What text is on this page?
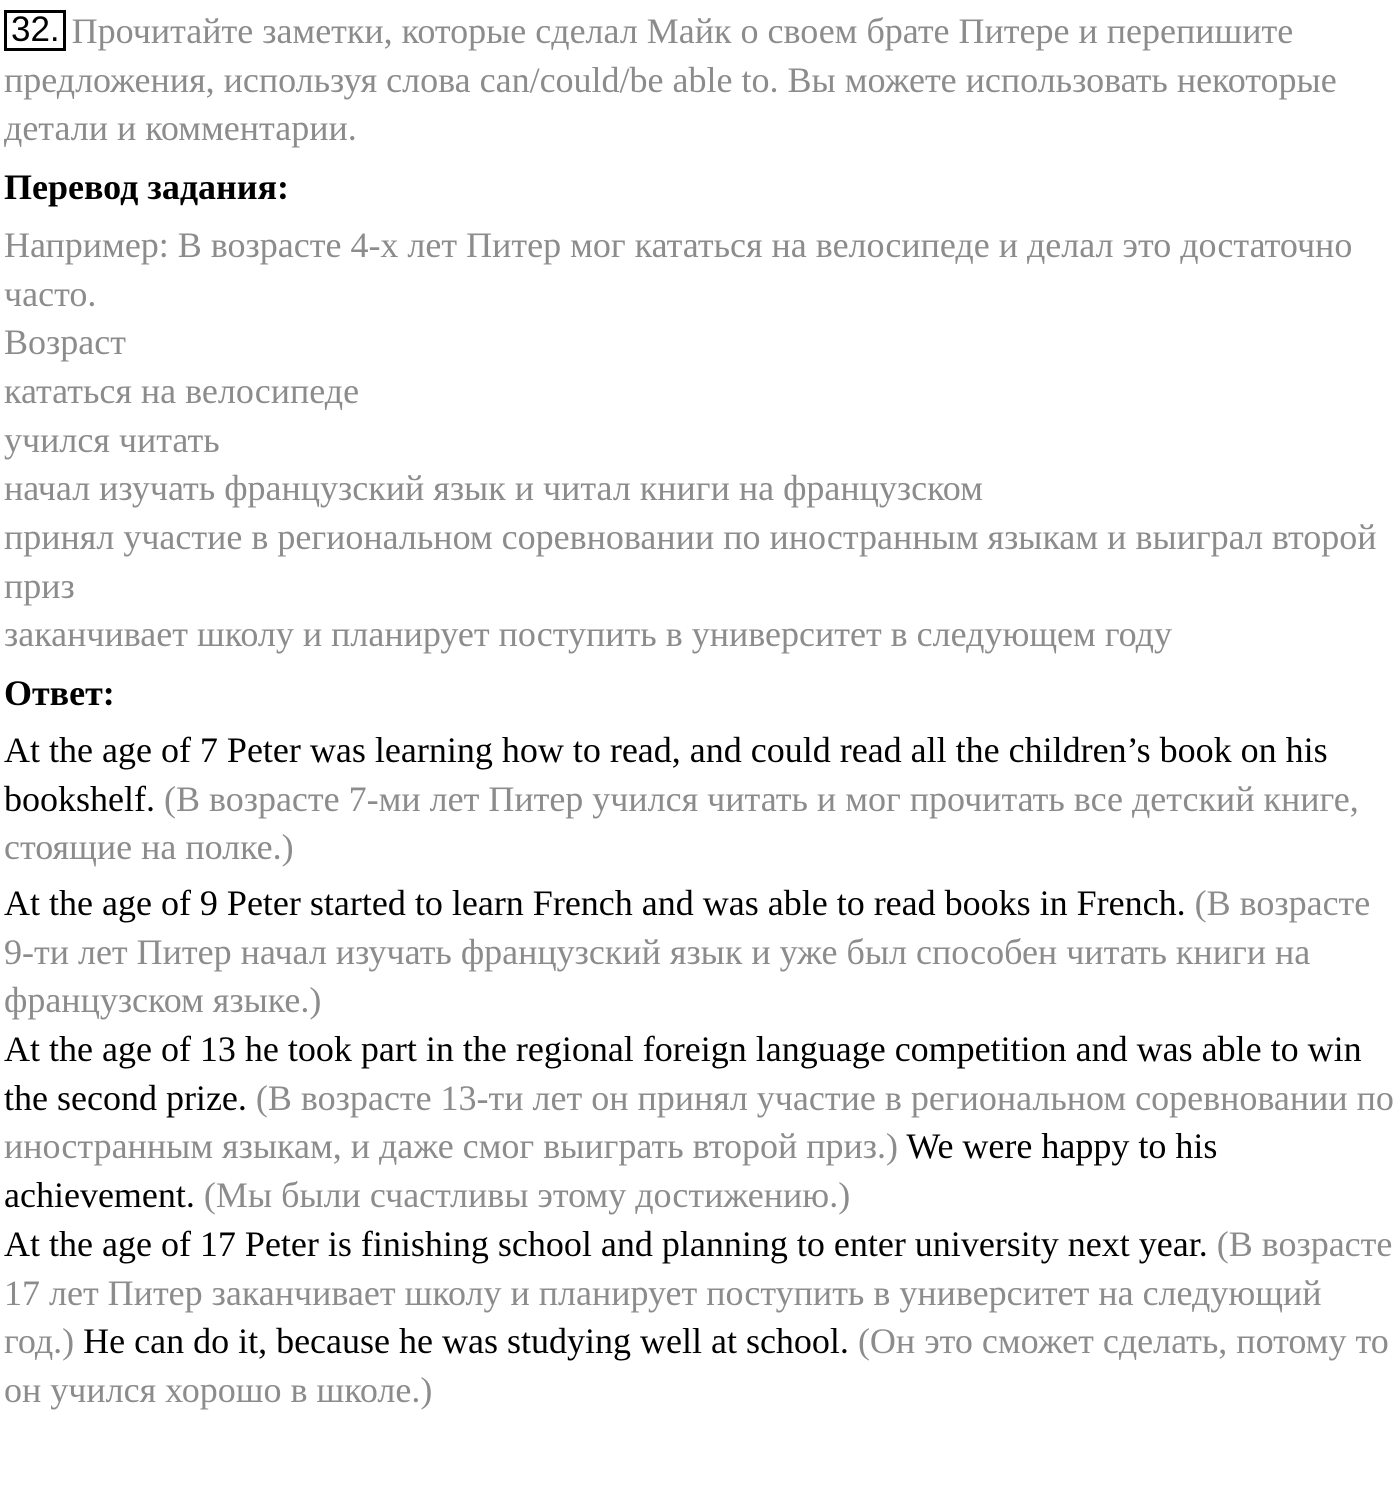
32. Прочитайте заметки, которые сделал Майк о своем брате Питере и перепишите предложения, используя слова can/could/be able to. Вы можете использовать некоторые детали и комментарии.

Перевод задания:

Например: В возрасте 4-х лет Питер мог кататься на велосипеде и делал это достаточно часто.

Возраст
кататься на велосипеде
учился читать
начал изучать французский язык и читал книги на французском
принял участие в региональном соревновании по иностранным языкам и выиграл второй приз
заканчивает школу и планирует поступить в университет в следующем году

Ответ:

At the age of 7 Peter was learning how to read, and could read all the children’s book on his bookshelf. (В возрасте 7-ми лет Питер учился читать и мог прочитать все детский книге, стоящие на полке.)

At the age of 9 Peter started to learn French and was able to read books in French. (В возрасте 9-ти лет Питер начал изучать французский язык и уже был способен читать книги на французском языке.)

At the age of 13 he took part in the regional foreign language competition and was able to win the second prize. (В возрасте 13-ти лет он принял участие в региональном соревновании по иностранным языкам, и даже смог выиграть второй приз.) We were happy to his achievement. (Мы были счастливы этому достижению.)

At the age of 17 Peter is finishing school and planning to enter university next year. (В возрасте 17 лет Питер заканчивает школу и планирует поступить в университет на следующий год.) He can do it, because he was studying well at school. (Он это сможет сделать, потому то он учился хорошо в школе.)
